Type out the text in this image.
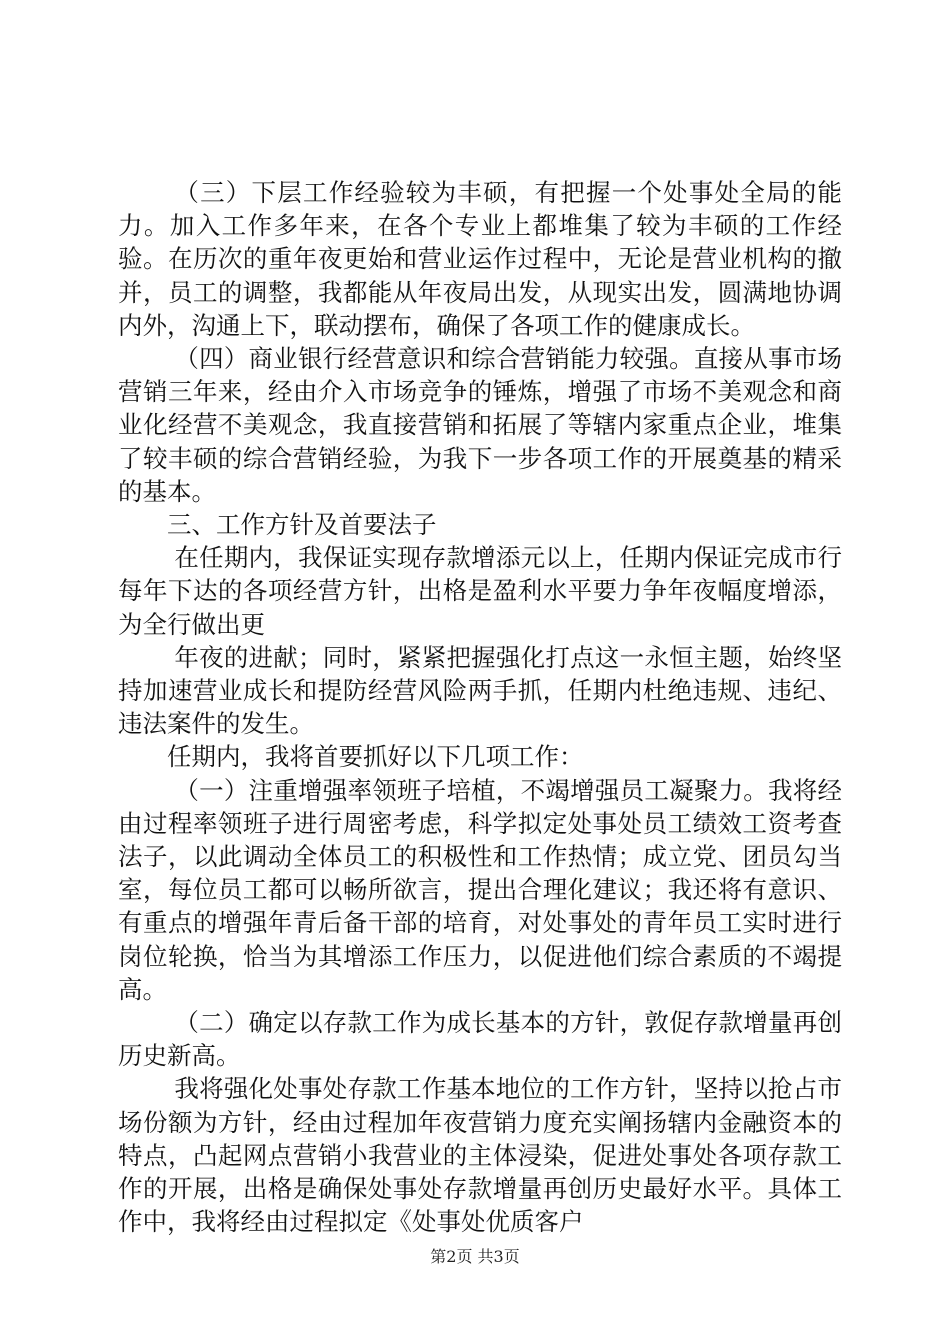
（三）下层工作经验较为丰硕，有把握一个处事处全局的能力。加入工作多年来，在各个专业上都堆集了较为丰硕的工作经验。在历次的重年夜更始和营业运作过程中，无论是营业机构的撤并，员工的调整，我都能从年夜局出发，从现实出发，圆满地协调内外，沟通上下，联动摆布，确保了各项工作的健康成长。

（四）商业银行经营意识和综合营销能力较强。直接从事市场营销三年来，经由介入市场竞争的锤炼，增强了市场不美观念和商业化经营不美观念，我直接营销和拓展了等辖内家重点企业，堆集了较丰硕的综合营销经验，为我下一步各项工作的开展奠基的精采的基本。

三、工作方针及首要法子

在任期内，我保证实现存款增添元以上，任期内保证完成市行每年下达的各项经营方针，出格是盈利水平要力争年夜幅度增添，为全行做出更

年夜的进献；同时，紧紧把握强化打点这一永恒主题，始终坚持加速营业成长和提防经营风险两手抓，任期内杜绝违规、违纪、违法案件的发生。

任期内，我将首要抓好以下几项工作：

（一）注重增强率领班子培植，不竭增强员工凝聚力。我将经由过程率领班子进行周密考虑，科学拟定处事处员工绩效工资考查法子，以此调动全体员工的积极性和工作热情；成立党、团员勾当室，每位员工都可以畅所欲言，提出合理化建议；我还将有意识、有重点的增强年青后备干部的培育，对处事处的青年员工实时进行岗位轮换，恰当为其增添工作压力，以促进他们综合素质的不竭提高。

（二）确定以存款工作为成长基本的方针，敦促存款增量再创历史新高。

我将强化处事处存款工作基本地位的工作方针，坚持以抢占市场份额为方针，经由过程加年夜营销力度充实阐扬辖内金融资本的特点，凸起网点营销小我营业的主体浸染，促进处事处各项存款工作的开展，出格是确保处事处存款增量再创历史最好水平。具体工作中，我将经由过程拟定《处事处优质客户

第2页 共3页
